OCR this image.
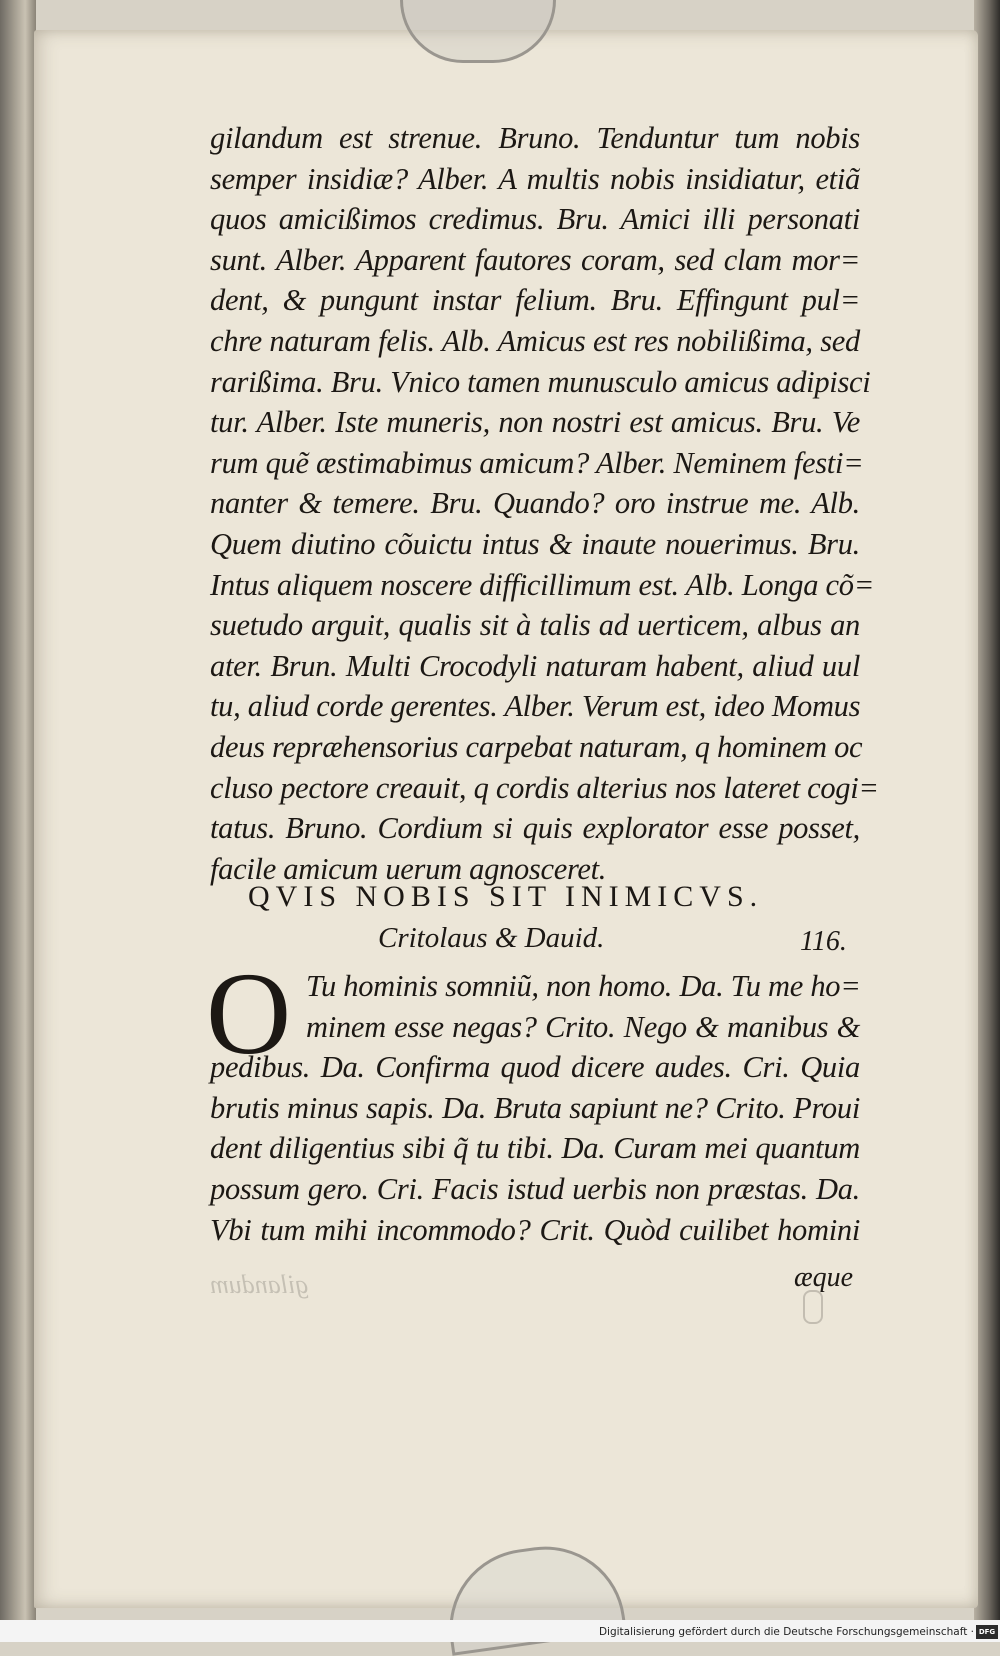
gilandum est strenue. Bruno. Tenduntur tum nobis
semper insidiæ? Alber. A multis nobis insidiatur, etiã
quos amicißimos credimus. Bru. Amici illi personati
sunt. Alber. Apparent fautores coram, sed clam mor=
dent, & pungunt instar felium. Bru. Effingunt pul=
chre naturam felis. Alb. Amicus est res nobilißima, sed
rarißima. Bru. Vnico tamen munusculo amicus adipisci
tur. Alber. Iste muneris, non nostri est amicus. Bru. Ve
rum quẽ æstimabimus amicum? Alber. Neminem festi=
nanter & temere. Bru. Quando? oro instrue me. Alb.
Quem diutino cõuictu intus & inaute nouerimus. Bru.
Intus aliquem noscere difficillimum est. Alb. Longa cõ=
suetudo arguit, qualis sit à talis ad uerticem, albus an
ater. Brun. Multi Crocodyli naturam habent, aliud uul
tu, aliud corde gerentes. Alber. Verum est, ideo Momus
deus repræhensorius carpebat naturam, q hominem oc
cluso pectore creauit, q cordis alterius nos lateret cogi=
tatus. Bruno. Cordium si quis explorator esse posset,
facile amicum uerum agnosceret.
QVIS NOBIS SIT INIMICVS.
Critolaus & Dauid.	116.
O Tu hominis somniũ, non homo. Da. Tu me ho=
minem esse negas? Crito. Nego & manibus &
pedibus. Da. Confirma quod dicere audes. Cri. Quia
brutis minus sapis. Da. Bruta sapiunt ne? Crito. Proui
dent diligentius sibi q̃ tu tibi. Da. Curam mei quantum
possum gero. Cri. Facis istud uerbis non præstas. Da.
Vbi tum mihi incommodo? Crit. Quòd cuilibet homini
æque
gilandum
Digitalisierung gefördert durch die Deutsche Forschungsgemeinschaft · DFG
